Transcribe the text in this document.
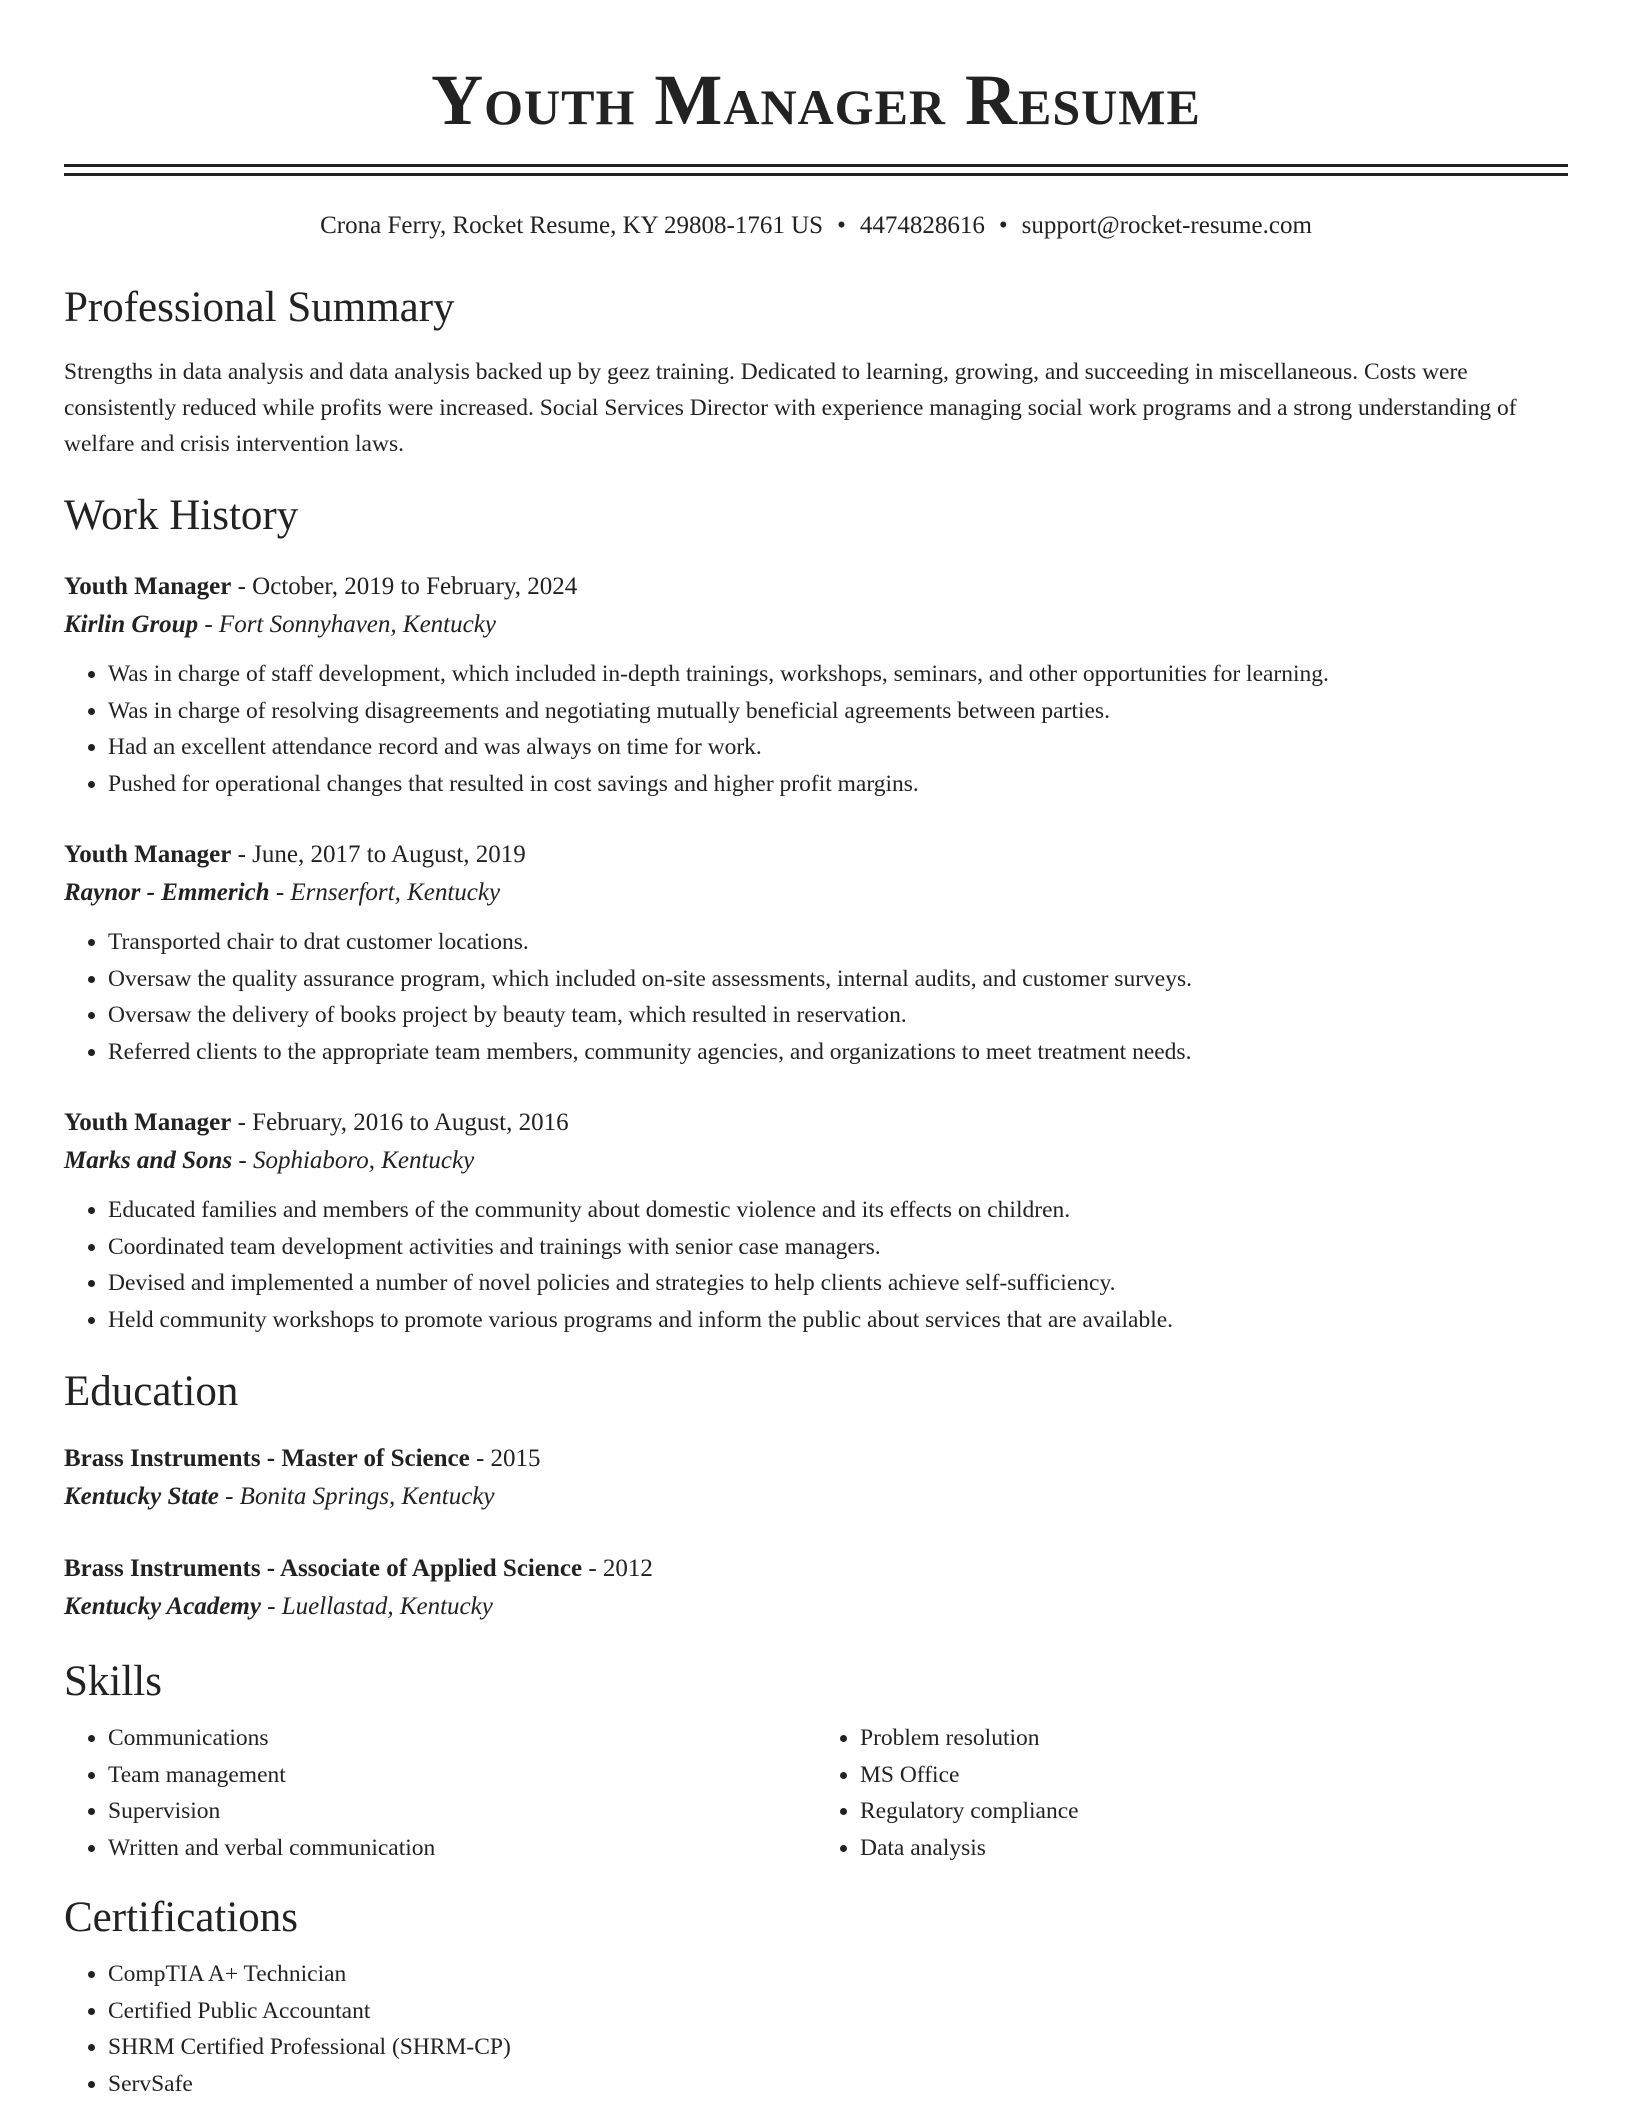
Youth Manager Resume
Crona Ferry, Rocket Resume, KY 29808-1761 US • 4474828616 • support@rocket-resume.com
Professional Summary
Strengths in data analysis and data analysis backed up by geez training. Dedicated to learning, growing, and succeeding in miscellaneous. Costs were consistently reduced while profits were increased. Social Services Director with experience managing social work programs and a strong understanding of welfare and crisis intervention laws.
Work History
Youth Manager - October, 2019 to February, 2024
Kirlin Group - Fort Sonnyhaven, Kentucky
• Was in charge of staff development, which included in-depth trainings, workshops, seminars, and other opportunities for learning.
• Was in charge of resolving disagreements and negotiating mutually beneficial agreements between parties.
• Had an excellent attendance record and was always on time for work.
• Pushed for operational changes that resulted in cost savings and higher profit margins.
Youth Manager - June, 2017 to August, 2019
Raynor - Emmerich - Ernserfort, Kentucky
• Transported chair to drat customer locations.
• Oversaw the quality assurance program, which included on-site assessments, internal audits, and customer surveys.
• Oversaw the delivery of books project by beauty team, which resulted in reservation.
• Referred clients to the appropriate team members, community agencies, and organizations to meet treatment needs.
Youth Manager - February, 2016 to August, 2016
Marks and Sons - Sophiaboro, Kentucky
• Educated families and members of the community about domestic violence and its effects on children.
• Coordinated team development activities and trainings with senior case managers.
• Devised and implemented a number of novel policies and strategies to help clients achieve self-sufficiency.
• Held community workshops to promote various programs and inform the public about services that are available.
Education
Brass Instruments - Master of Science - 2015
Kentucky State - Bonita Springs, Kentucky
Brass Instruments - Associate of Applied Science - 2012
Kentucky Academy - Luellastad, Kentucky
Skills
• Communications
• Team management
• Supervision
• Written and verbal communication
• Problem resolution
• MS Office
• Regulatory compliance
• Data analysis
Certifications
• CompTIA A+ Technician
• Certified Public Accountant
• SHRM Certified Professional (SHRM-CP)
• ServSafe
